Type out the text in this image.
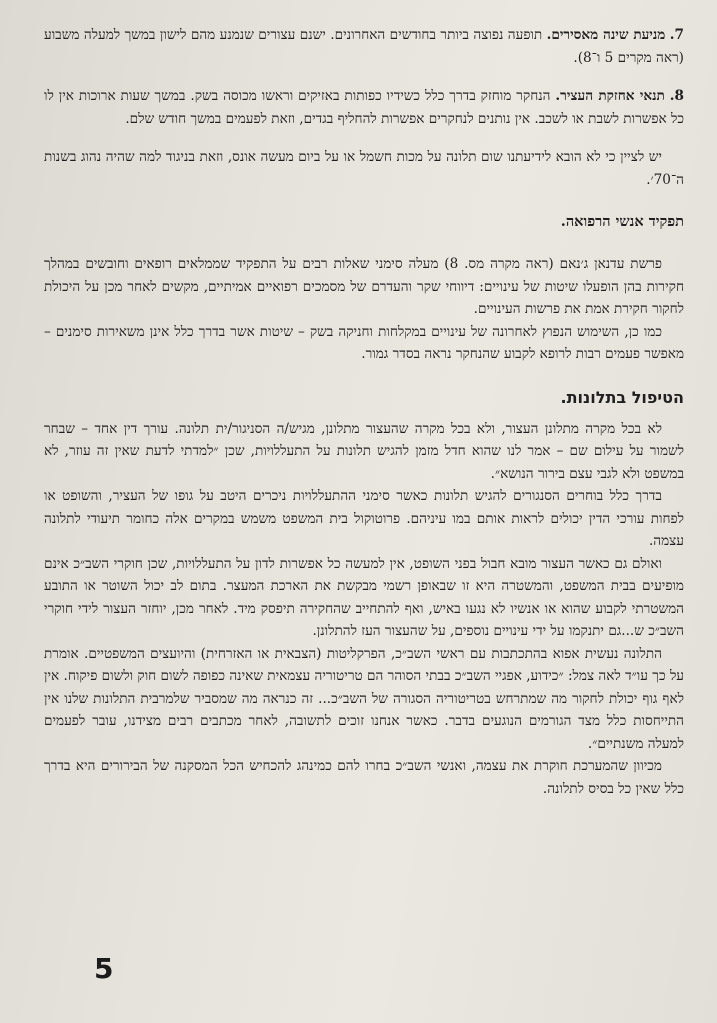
7. מניעת שינה מאסירים. תופעה נפוצה ביותר בחודשים האחרונים. ישנם עצורים שנמנע מהם לישון במשך למעלה משבוע (ראה מקרים 5 ו־8).

8. תנאי אחזקת העציר. הנחקר מוחזק בדרך כלל כשידיו כפותות באזיקים וראשו מכוסה בשק. במשך שעות ארוכות אין לו כל אפשרות לשבת או לשכב. אין נותנים לנחקרים אפשרות להחליף בגדים, וזאת לפעמים במשך חודש שלם.

יש לציין כי לא הובא לידיעתנו שום תלונה על מכות חשמל או על ביום מעשה אונס, וזאת בניגוד למה שהיה נהוג בשנות ה־70׳.

תפקיד אנשי הרפואה.

פרשת עדנאן ג׳נאם (ראה מקרה מס. 8) מעלה סימני שאלות רבים על התפקיד שממלאים רופאים וחובשים במהלך חקירות בהן הופעלו שיטות של עינויים: דיווחי שקר והעדרם של מסמכים רפואיים אמיתיים, מקשים לאחר מכן על היכולת לחקור חקירת אמת את פרשות העינויים.

כמו כן, השימוש הנפוץ לאחרונה של עינויים במקלחות וחניקה בשק – שיטות אשר בדרך כלל אינן משאירות סימנים – מאפשר פעמים רבות לרופא לקבוע שהנחקר נראה בסדר גמור.

הטיפול בתלונות.

לא בכל מקרה מתלונן העצור, ולא בכל מקרה שהעצור מתלונן, מגיש/ה הסניגור/ית תלונה. עורך דין אחד – שבחר לשמור על עילום שם – אמר לנו שהוא חדל מזמן להגיש תלונות על התעללויות, שכן ״למדתי לדעת שאין זה עוזר, לא במשפט ולא לגבי עצם בירור הנושא״.

בדרך כלל בוחרים הסנגורים להגיש תלונות כאשר סימני ההתעללויות ניכרים היטב על גופו של העציר, והשופט או לפחות עורכי הדין יכולים לראות אותם במו עיניהם. פרוטוקול בית המשפט משמש במקרים אלה כחומר תיעודי לתלונה עצמה.

ואולם גם כאשר העצור מובא חבול בפני השופט, אין למעשה כל אפשרות לדון על התעללויות, שכן חוקרי השב״כ אינם מופיעים בבית המשפט, והמשטרה היא זו שבאופן רשמי מבקשת את הארכת המעצר. בתום לב יכול השוטר או התובע המשטרתי לקבוע שהוא או אנשיו לא נגעו באיש, ואף להתחייב שהחקירה תיפסק מיד. לאחר מכן, יוחזר העצור לידי חוקרי השב״כ ש...גם יתנקמו על ידי עינויים נוספים, על שהעצור העז להתלונן.

התלונה נעשית אפוא בהתכתבות עם ראשי השב״כ, הפרקליטות (הצבאית או האזרחית) והיועצים המשפטיים. אומרת על כך עו״ד לאה צמל: ״כידוע, אפגיי השב״כ בבתי הסוהר הם טריטוריה עצמאית שאינה כפופה לשום חוק ולשום פיקוח. אין לאף גוף יכולת לחקור מה שמתרחש בטריטוריה הסגורה של השב״כ... זה כנראה מה שמסביר שלמרבית התלונות שלנו אין התייחסות כלל מצד הגורמים הנוגעים בדבר. כאשר אנחנו זוכים לתשובה, לאחר מכתבים רבים מצידנו, עובר לפעמים למעלה משנתיים״.

מכיוון שהמערכת חוקרת את עצמה, ואנשי השב״כ בחרו להם כמינהג להכחיש הכל המסקנה של הבירורים היא בדרך כלל שאין כל בסיס לתלונה.

5
